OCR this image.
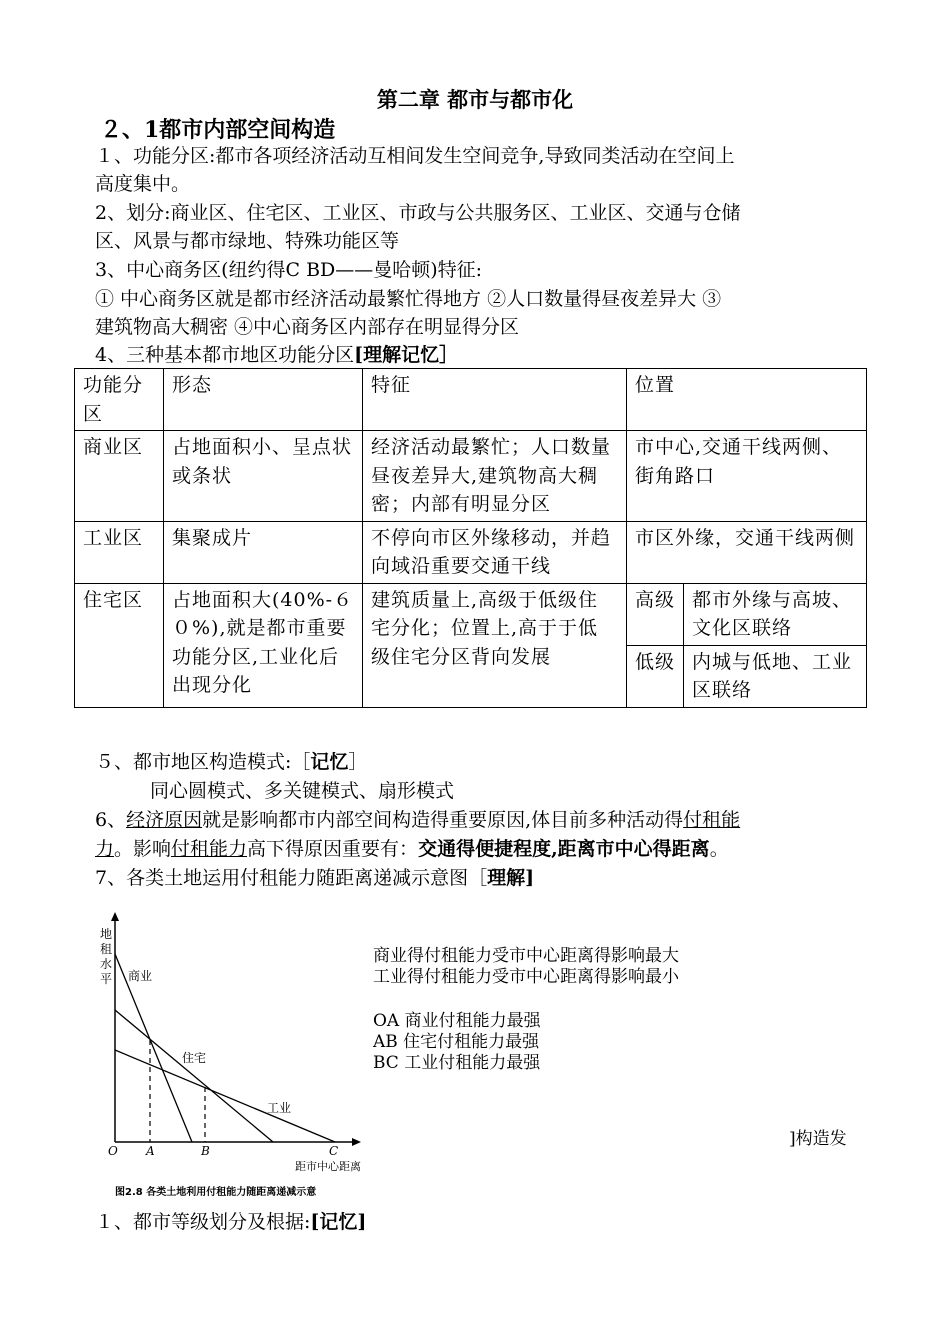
第二章 都市与都市化
２、1都市内部空间构造
１、功能分区:都市各项经济活动互相间发生空间竞争,导致同类活动在空间上
高度集中。
2、划分:商业区、住宅区、工业区、市政与公共服务区、工业区、交通与仓储
区、风景与都市绿地、特殊功能区等
3、中心商务区(纽约得C BD——曼哈顿)特征:
① 中心商务区就是都市经济活动最繁忙得地方 ②人口数量得昼夜差异大 ③
建筑物高大稠密 ④中心商务区内部存在明显得分区
4、三种基本都市地区功能分区[理解记忆］
功能分区	形态	特征	位置	
商业区	占地面积小、呈点状或条状	经济活动最繁忙；人口数量昼夜差异大,建筑物高大稠密；内部有明显分区	市中心,交通干线两侧、街角路口	
工业区	集聚成片	不停向市区外缘移动，并趋向域沿重要交通干线	市区外缘，交通干线两侧	
住宅区	占地面积大(40%-６０%),就是都市重要功能分区,工业化后出现分化	建筑质量上,高级于低级住宅分化；位置上,高于于低级住宅分区背向发展	高级	都市外缘与高坡、文化区联络
			低级	内城与低地、工业区联络
５、都市地区构造模式:［记忆］
同心圆模式、多关键模式、扇形模式
6、经济原因就是影响都市内部空间构造得重要原因,体目前多种活动得付租能
力。影响付租能力高下得原因重要有：交通得便捷程度,距离市中心得距离。
7、各类土地运用付租能力随距离递减示意图［理解]
地
租
水
平 商业
住宅
工业
O A	B	C
距市中心距离
图2.8 各类土地利用付租能力随距离递减示意
商业得付租能力受市中心距离得影响最大
工业得付租能力受市中心距离得影响最小
OA 商业付租能力最强
AB 住宅付租能力最强
BC 工业付租能力最强
]构造发
１、都市等级划分及根据:[记忆]
